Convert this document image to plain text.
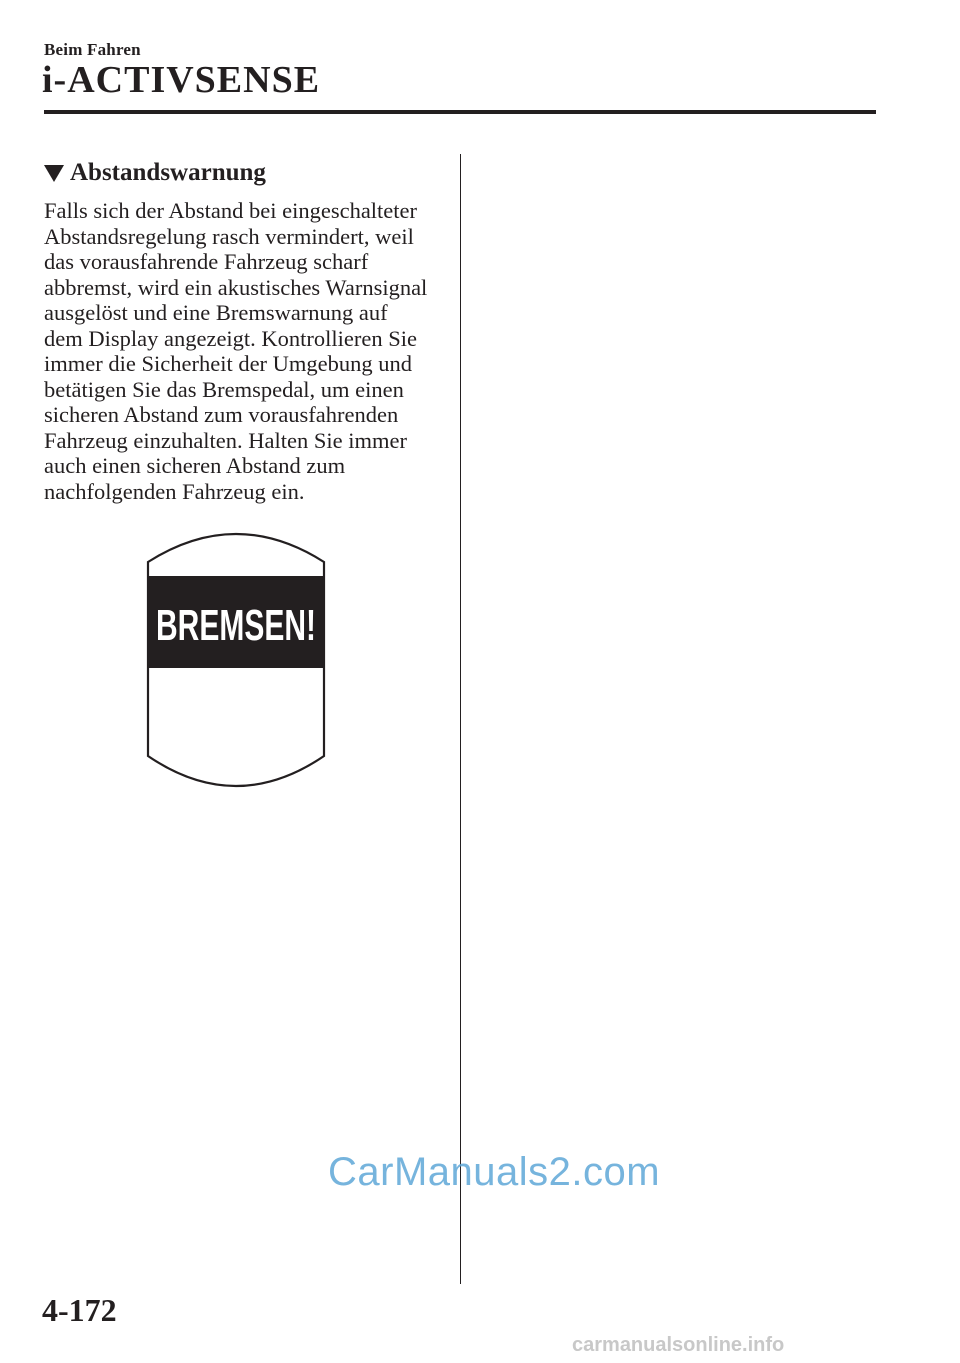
Beim Fahren
i-ACTIVSENSE
Abstandswarnung

Falls sich der Abstand bei eingeschalteter
Abstandsregelung rasch vermindert, weil
das vorausfahrende Fahrzeug scharf
abbremst, wird ein akustisches Warnsignal
ausgelöst und eine Bremswarnung auf
dem Display angezeigt. Kontrollieren Sie
immer die Sicherheit der Umgebung und
betätigen Sie das Bremspedal, um einen
sicheren Abstand zum vorausfahrenden
Fahrzeug einzuhalten. Halten Sie immer
auch einen sicheren Abstand zum
nachfolgenden Fahrzeug ein.

BREMSEN!
CarManuals2.com
4-172
carmanualsonline.info
